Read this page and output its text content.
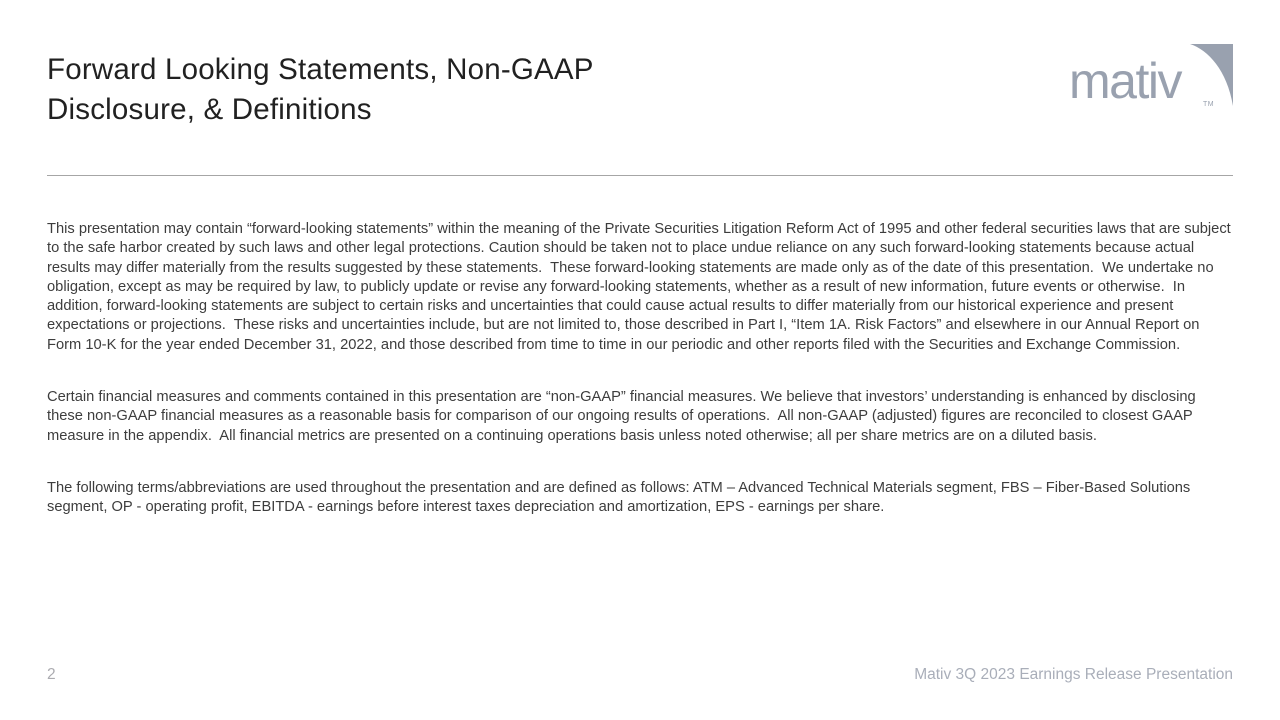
Forward Looking Statements, Non-GAAP
Disclosure, & Definitions
mativ	TM

This presentation may contain “forward-looking statements” within the meaning of the Private Securities Litigation Reform Act of 1995 and other federal securities laws that are subject to the safe harbor created by such laws and other legal protections. Caution should be taken not to place undue reliance on any such forward-looking statements because actual results may differ materially from the results suggested by these statements.  These forward-looking statements are made only as of the date of this presentation.  We undertake no obligation, except as may be required by law, to publicly update or revise any forward-looking statements, whether as a result of new information, future events or otherwise.  In addition, forward-looking statements are subject to certain risks and uncertainties that could cause actual results to differ materially from our historical experience and present expectations or projections.  These risks and uncertainties include, but are not limited to, those described in Part I, “Item 1A. Risk Factors” and elsewhere in our Annual Report on Form 10-K for the year ended December 31, 2022, and those described from time to time in our periodic and other reports filed with the Securities and Exchange Commission.

Certain financial measures and comments contained in this presentation are “non-GAAP” financial measures. We believe that investors’ understanding is enhanced by disclosing these non-GAAP financial measures as a reasonable basis for comparison of our ongoing results of operations.  All non-GAAP (adjusted) figures are reconciled to closest GAAP measure in the appendix.  All financial metrics are presented on a continuing operations basis unless noted otherwise; all per share metrics are on a diluted basis.

The following terms/abbreviations are used throughout the presentation and are defined as follows: ATM – Advanced Technical Materials segment, FBS – Fiber-Based Solutions segment, OP - operating profit, EBITDA - earnings before interest taxes depreciation and amortization, EPS - earnings per share.

2	Mativ 3Q 2023 Earnings Release Presentation
